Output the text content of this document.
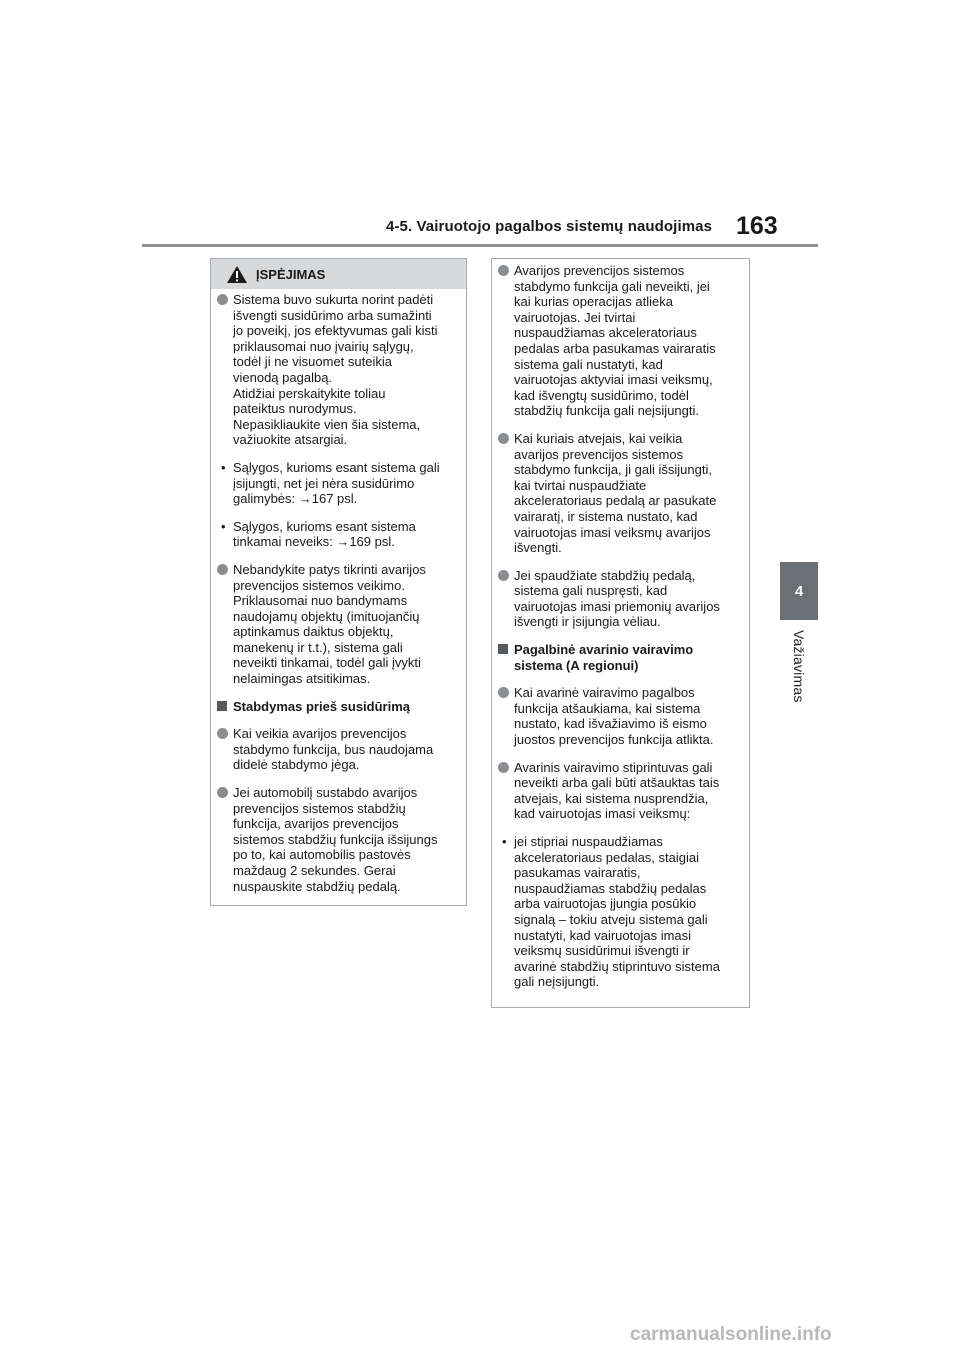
4-5. Vairuotojo pagalbos sistemų naudojimas 163
4
Važiavimas
ĮSPĖJIMAS
Sistema buvo sukurta norint padėti
išvengti susidūrimo arba sumažinti
jo poveikį, jos efektyvumas gali kisti
priklausomai nuo įvairių sąlygų,
todėl ji ne visuomet suteikia
vienodą pagalbą.
Atidžiai perskaitykite toliau
pateiktus nurodymus.
Nepasikliaukite vien šia sistema,
važiuokite atsargiai.
• Sąlygos, kurioms esant sistema gali
įsijungti, net jei nėra susidūrimo
galimybės: →167 psl.
• Sąlygos, kurioms esant sistema
tinkamai neveiks: →169 psl.
Nebandykite patys tikrinti avarijos
prevencijos sistemos veikimo.
Priklausomai nuo bandymams
naudojamų objektų (imituojančių
aptinkamus daiktus objektų,
manekenų ir t.t.), sistema gali
neveikti tinkamai, todėl gali įvykti
nelaimingas atsitikimas.
Stabdymas prieš susidūrimą
Kai veikia avarijos prevencijos
stabdymo funkcija, bus naudojama
didelė stabdymo jėga.
Jei automobilį sustabdo avarijos
prevencijos sistemos stabdžių
funkcija, avarijos prevencijos
sistemos stabdžių funkcija išsijungs
po to, kai automobilis pastovės
maždaug 2 sekundes. Gerai
nuspauskite stabdžių pedalą.
Avarijos prevencijos sistemos
stabdymo funkcija gali neveikti, jei
kai kurias operacijas atlieka
vairuotojas. Jei tvirtai
nuspaudžiamas akceleratoriaus
pedalas arba pasukamas vairaratis
sistema gali nustatyti, kad
vairuotojas aktyviai imasi veiksmų,
kad išvengtų susidūrimo, todėl
stabdžių funkcija gali neįsijungti.
Kai kuriais atvejais, kai veikia
avarijos prevencijos sistemos
stabdymo funkcija, ji gali išsijungti,
kai tvirtai nuspaudžiate
akceleratoriaus pedalą ar pasukate
vairaratį, ir sistema nustato, kad
vairuotojas imasi veiksmų avarijos
išvengti.
Jei spaudžiate stabdžių pedalą,
sistema gali nuspręsti, kad
vairuotojas imasi priemonių avarijos
išvengti ir įsijungia vėliau.
Pagalbinė avarinio vairavimo
sistema (A regionui)
Kai avarinė vairavimo pagalbos
funkcija atšaukiama, kai sistema
nustato, kad išvažiavimo iš eismo
juostos prevencijos funkcija atlikta.
Avarinis vairavimo stiprintuvas gali
neveikti arba gali būti atšauktas tais
atvejais, kai sistema nusprendžia,
kad vairuotojas imasi veiksmų:
• jei stipriai nuspaudžiamas
akceleratoriaus pedalas, staigiai
pasukamas vairaratis,
nuspaudžiamas stabdžių pedalas
arba vairuotojas įjungia posūkio
signalą – tokiu atveju sistema gali
nustatyti, kad vairuotojas imasi
veiksmų susidūrimui išvengti ir
avarinė stabdžių stiprintuvo sistema
gali neįsijungti.
carmanualsonline.info
